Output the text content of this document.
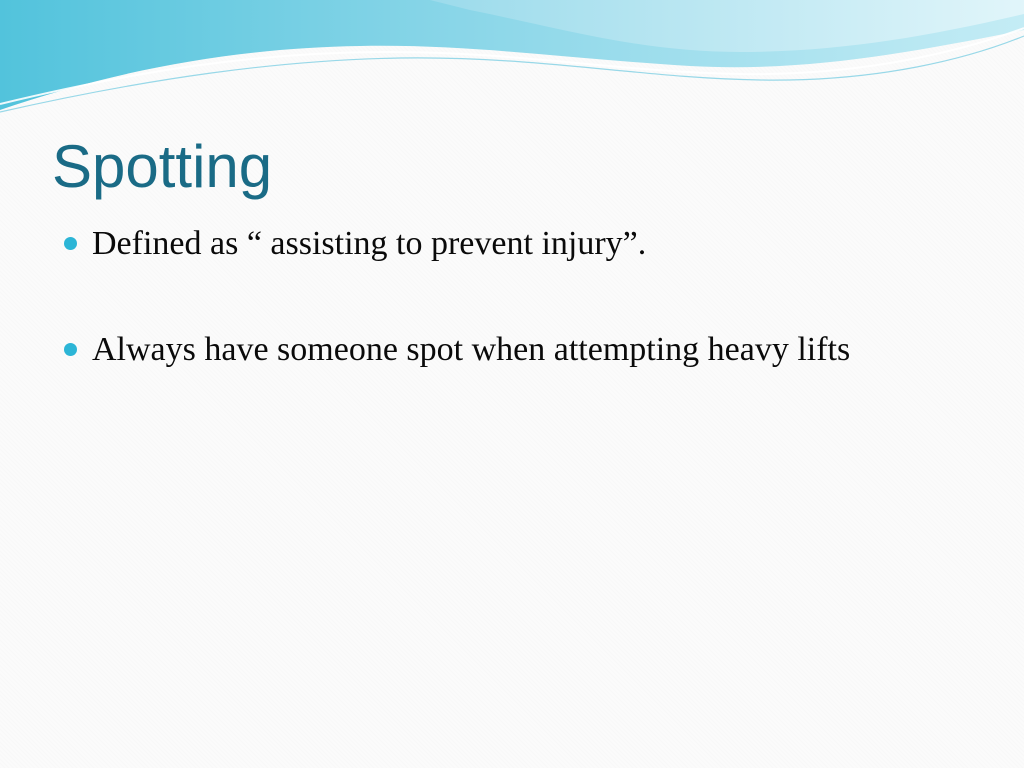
Spotting
Defined as “ assisting to prevent injury”.
Always have someone spot when attempting heavy lifts
